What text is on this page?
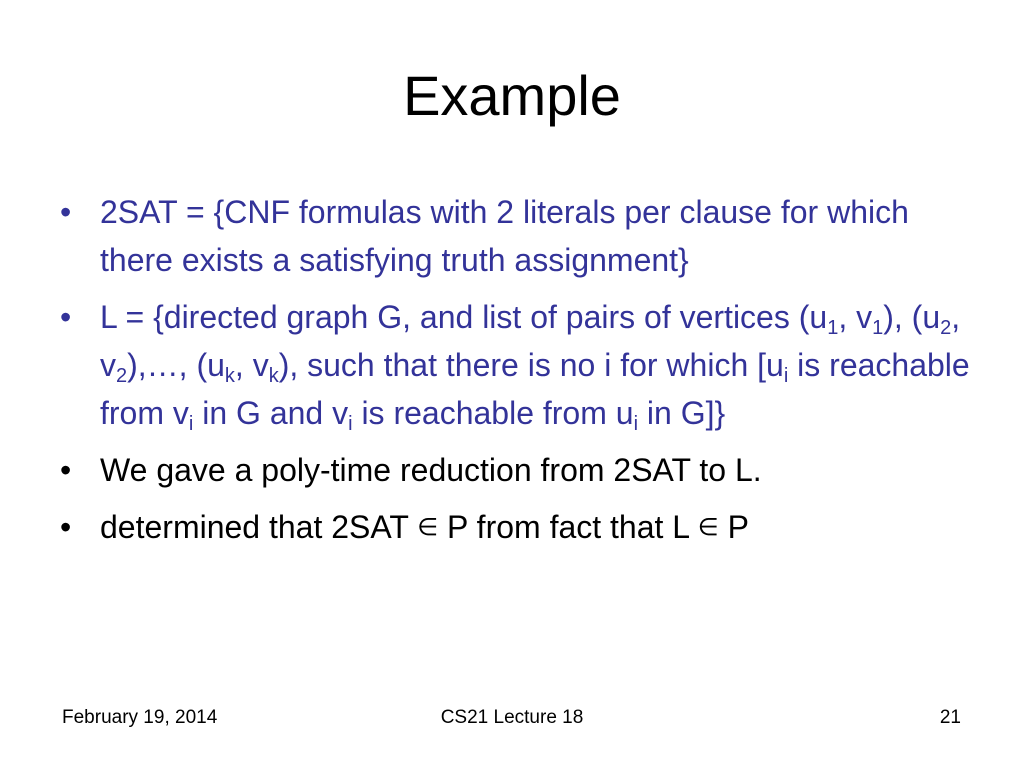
Example
• 2SAT = {CNF formulas with 2 literals per clause for which there exists a satisfying truth assignment}
• L = {directed graph G, and list of pairs of vertices ($u_1$, $v_1$), ($u_2$, $v_2),\dots$, ($u_k$, $v_k$), such that there is no i for which [$u_i$ is reachable from $v_i$ in G and $v_i$ is reachable from $u_i$ in G]}
• We gave a poly-time reduction from 2SAT to L.
• determined that 2SAT ∈ P from fact that L ∈ P
February 19, 2014	CS21 Lecture 18	21
